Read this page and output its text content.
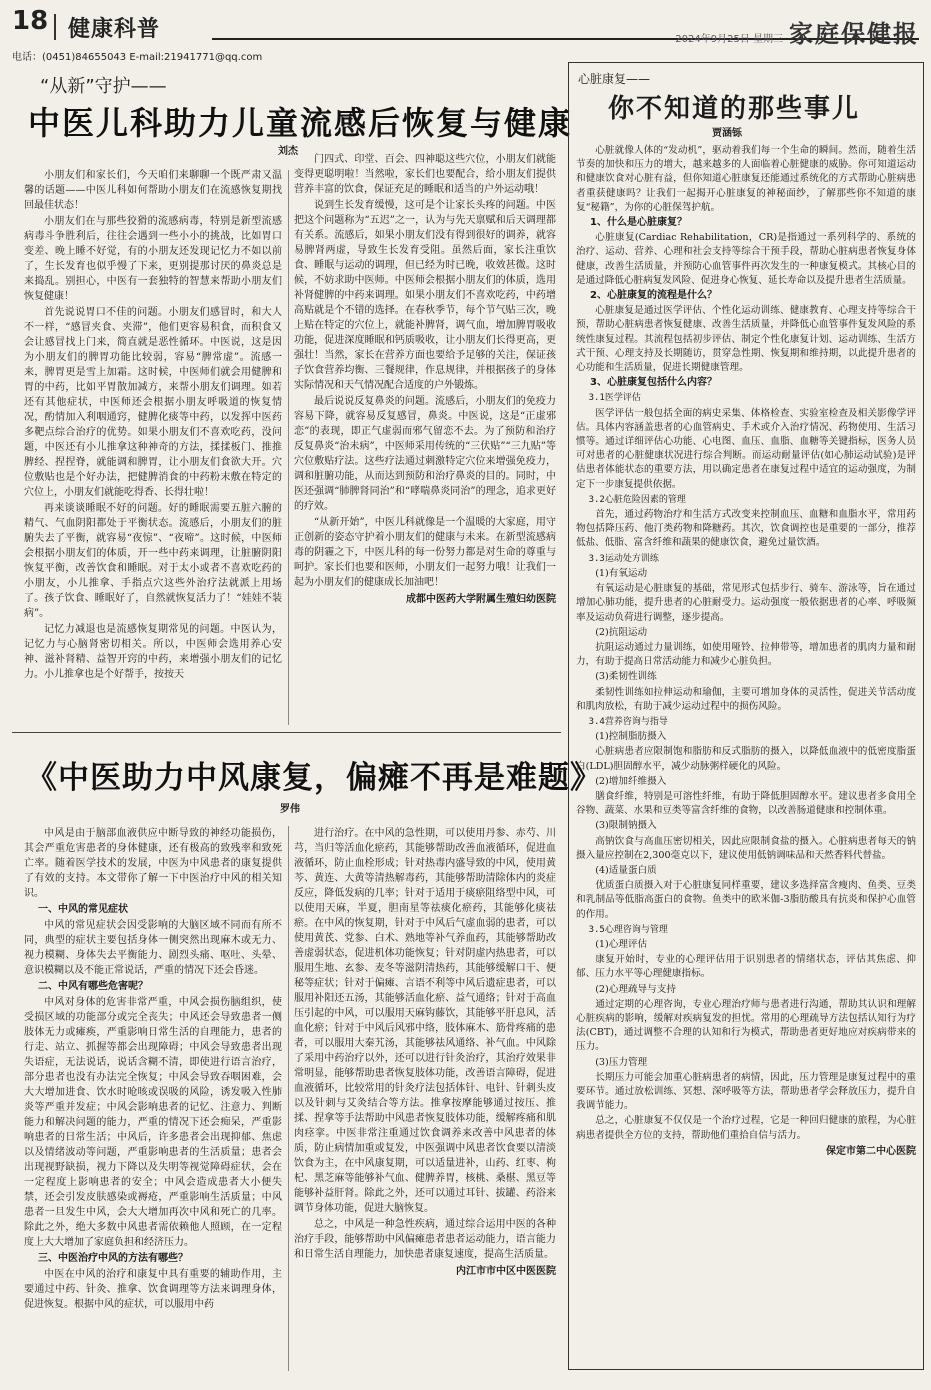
18 健康科普	2024年9月25日 星期三 家庭保健报
电话：(0451)84655043 E-mail:21941771@qq.com
“从新”守护——
中医儿科助力儿童流感后恢复与健康
刘杰

小朋友们和家长们，今天咱们来聊聊一个既严肃又温馨的话题——中医儿科如何帮助小朋友们在流感恢复期找回最佳状态！

小朋友们在与那些狡猾的流感病毒，特别是新型流感病毒斗争胜利后，往往会遇到一些小小的挑战，比如胃口变差、晚上睡不好觉，有的小朋友还发现记忆力不如以前了，生长发育也似乎慢了下来，更别提那讨厌的鼻炎总是来捣乱。别担心，中医有一套独特的智慧来帮助小朋友们恢复健康！

首先说说胃口不佳的问题。小朋友们感冒时，和大人不一样，“感冒夹食、夹滞”，他们更容易积食，而积食又会让感冒找上门来，简直就是恶性循环。中医说，这是因为小朋友们的脾胃功能比较弱，容易“脾常虚”。流感一来，脾胃更是雪上加霜。这时候，中医师们就会用健脾和胃的中药，比如平胃散加减方，来帮小朋友们调理。如若还有其他症状，中医师还会根据小朋友呼吸道的恢复情况，酌情加入利咽通窍，健脾化痰等中药，以发挥中医药多靶点综合治疗的优势。如果小朋友们不喜欢吃药，没问题，中医还有小儿推拿这种神奇的方法，揉揉板门、推推脾经、捏捏脊，就能调和脾胃，让小朋友们食欲大开。穴位敷贴也是个好办法，把健脾消食的中药粉末敷在特定的穴位上，小朋友们就能吃得香、长得壮啦！

再来谈谈睡眠不好的问题。好的睡眠需要五脏六腑的精气、气血阴阳都处于平衡状态。流感后，小朋友们的脏腑失去了平衡，就容易“夜惊”、“夜啼”。这时候，中医师会根据小朋友们的体质，开一些中药来调理，让脏腑阴阳恢复平衡，改善饮食和睡眠。对于太小或者不喜欢吃药的小朋友，小儿推拿、手指点穴这些外治疗法就派上用场了。孩子饮食、睡眠好了，自然就恢复活力了！“娃娃不装病”。

记忆力减退也是流感恢复期常见的问题。中医认为，记忆力与心脑肾密切相关。所以，中医师会选用养心安神、滋补肾精、益智开窍的中药，来增强小朋友们的记忆力。小儿推拿也是个好帮手，按按天

门四式、印堂、百会、四神聪这些穴位，小朋友们就能变得更聪明啦！当然啦，家长们也要配合，给小朋友们提供营养丰富的饮食，保证充足的睡眠和适当的户外运动哦！

说到生长发育缓慢，这可是个让家长头疼的问题。中医把这个问题称为“五迟”之一，认为与先天禀赋和后天调理都有关系。流感后，如果小朋友们没有得到很好的调养，就容易脾肾两虚，导致生长发育受阻。虽然后面，家长注重饮食、睡眠与运动的调理，但已经为时已晚，收效甚微。这时候，不妨求助中医师。中医师会根据小朋友们的体质，选用补肾健脾的中药来调理。如果小朋友们不喜欢吃药，中药增高贴就是个不错的选择。在春秋季节，每个节气贴三次，晚上贴在特定的穴位上，就能补脾肾，调气血，增加脾胃吸收功能，促进深度睡眠和钙质吸收，让小朋友们长得更高，更强壮！当然，家长在营养方面也要给予足够的关注，保证孩子饮食营养均衡、三餐规律，作息规律，并根据孩子的身体实际情况和天气情况配合适度的户外锻炼。

最后说说反复鼻炎的问题。流感后，小朋友们的免疫力容易下降，就容易反复感冒，鼻炎。中医说，这是“正虚邪恋”的表现，即正气虚弱而邪气留恋不去。为了预防和治疗反复鼻炎“治未病”，中医师采用传统的“三伏贴”“三九贴”等穴位敷贴疗法。这些疗法通过刺激特定穴位来增强免疫力，调和脏腑功能，从而达到预防和治疗鼻炎的目的。同时，中医还强调“肺脾肾同治”和“哮喘鼻炎同治”的理念，追求更好的疗效。

“从新开始”，中医儿科就像是一个温暖的大家庭，用守正创新的姿态守护着小朋友们的健康与未来。在新型流感病毒的阴霾之下，中医儿科的每一份努力都是对生命的尊重与呵护。家长们也要和医师，小朋友们一起努力哦！让我们一起为小朋友们的健康成长加油吧！

成都中医药大学附属生殖妇幼医院

《中医助力中风康复，偏瘫不再是难题》
罗伟

中风是由于脑部血液供应中断导致的神经功能损伤，其会严重危害患者的身体健康，还有极高的致残率和致死亡率。随着医学技术的发展，中医为中风患者的康复提供了有效的支持。本文带你了解一下中医治疗中风的相关知识。

一、中风的常见症状

中风的常见症状会因受影响的大脑区域不同而有所不同，典型的症状主要包括身体一侧突然出现麻木或无力、视力模糊、身体失去平衡能力、剧烈头痛、呕吐、头晕、意识模糊以及不能正常说话，严重的情况下还会昏迷。

二、中风有哪些危害呢？

中风对身体的危害非常严重，中风会损伤脑组织，使受损区域的功能部分或完全丧失；中风还会导致患者一侧肢体无力或瘫痪，严重影响日常生活的自理能力，患者的行走、站立、抓握等都会出现障碍；中风会导致患者出现失语症，无法说话，说话含糊不清，即使进行语言治疗，部分患者也没有办法完全恢复；中风会导致吞咽困难，会大大增加进食、饮水时呛咳或误吸的风险，诱发吸入性肺炎等严重并发症；中风会影响患者的记忆、注意力、判断能力和解决问题的能力，严重的情况下还会痴呆，严重影响患者的日常生活；中风后，许多患者会出现抑郁、焦虑以及情绪波动等问题，严重影响患者的生活质量；患者会出现视野缺损，视力下降以及失明等视觉障碍症状，会在一定程度上影响患者的安全；中风会造成患者大小便失禁，还会引发皮肤感染或褥疮，严重影响生活质量；中风患者一旦发生中风，会大大增加再次中风和死亡的几率。除此之外，绝大多数中风患者需依赖他人照顾，在一定程度上大大增加了家庭负担和经济压力。

三、中医治疗中风的方法有哪些？

中医在中风的治疗和康复中具有重要的辅助作用，主要通过中药、针灸、推拿、饮食调理等方法来调理身体，促进恢复。根据中风的症状，可以服用中药

进行治疗。在中风的急性期，可以使用丹参、赤芍、川芎，当归等活血化瘀药，其能够帮助改善血液循环，促进血液循环，防止血栓形成；针对热毒内盛导致的中风，使用黄芩、黄连、大黄等清热解毒药，其能够帮助清除体内的炎症反应，降低发病的几率；针对于适用于痰瘀阻络型中风，可以使用天麻，半夏，胆南星等祛痰化瘀药，其能够化痰祛瘀。在中风的恢复期，针对于中风后气虚血弱的患者，可以使用黄芪、党参、白术、熟地等补气养血药，其能够帮助改善虚弱状态，促进机体功能恢复；针对阴虚内热患者，可以服用生地、玄参、麦冬等滋阴清热药，其能够缓解口干、便秘等症状；针对于偏瘫、言语不利等中风后遗症患者，可以服用补阳还五汤，其能够活血化瘀、益气通络；针对于高血压引起的中风，可以服用天麻钩藤饮，其能够平肝息风，活血化瘀；针对于中风后风邪中络，肢体麻木、筋骨疼痛的患者，可以服用大秦艽汤，其能够祛风通络、补气血。中风除了采用中药治疗以外，还可以进行针灸治疗，其治疗效果非常明显，能够帮助患者恢复肢体功能，改善语言障碍，促进血液循环，比较常用的针灸疗法包括体针、电针、针刺头皮以及针刺与艾灸结合等方法。推拿按摩能够通过按压、推揉、捏拿等手法帮助中风患者恢复肢体功能，缓解疼痛和肌肉痉挛。中医非常注重通过饮食调养来改善中风患者的体质，防止病情加重或复发，中医强调中风患者饮食要以清淡饮食为主，在中风康复期，可以适量进补，山药、红枣、枸杞、黑芝麻等能够补气血、健脾养胃，核桃、桑椹、黑豆等能够补益肝肾。除此之外，还可以通过耳针、拔罐、药浴来调节身体功能，促进大脑恢复。

总之，中风是一种急性疾病，通过综合运用中医的各种治疗手段，能够帮助中风偏瘫患者患者运动能力，语言能力和日常生活自理能力，加快患者康复速度，提高生活质量。

内江市市中区中医医院

心脏康复——
你不知道的那些事儿
贾涵铄

心脏就像人体的“发动机”，驱动着我们每一个生命的瞬间。然而，随着生活节奏的加快和压力的增大，越来越多的人面临着心脏健康的威胁。你可知道运动和健康饮食对心脏有益，但你知道心脏康复还能通过系统化的方式帮助心脏病患者重获健康吗？让我们一起揭开心脏康复的神秘面纱，了解那些你不知道的康复“秘籍”，为你的心脏保驾护航。

1、什么是心脏康复？

心脏康复(Cardiac Rehabilitation，CR)是指通过一系列科学的、系统的治疗、运动、营养、心理和社会支持等综合干预手段，帮助心脏病患者恢复身体健康，改善生活质量，并预防心血管事件再次发生的一种康复模式。其核心目的是通过降低心脏病复发风险、促进身心恢复、延长寿命以及提升患者生活质量。

2、心脏康复的流程是什么？

心脏康复是通过医学评估、个性化运动训练、健康教育、心理支持等综合干预，帮助心脏病患者恢复健康、改善生活质量，并降低心血管事件复发风险的系统性康复过程。其流程包括初步评估、制定个性化康复计划、运动训练、生活方式干预、心理支持及长期随访，贯穿急性期、恢复期和维持期，以此提升患者的心功能和生活质量，促进长期健康管理。

3、心脏康复包括什么内容？

3.1医学评估

医学评估一般包括全面的病史采集、体格检查、实验室检查及相关影像学评估。具体内容涵盖患者的心血管病史、手术或介入治疗情况、药物使用、生活习惯等。通过详细评估心功能、心电图、血压、血脂、血糖等关键指标，医务人员可对患者的心脏健康状况进行综合判断。而运动耐量评估(如心肺运动试验)是评估患者体能状态的重要方法，用以确定患者在康复过程中适宜的运动强度，为制定下一步康复提供依据。

3.2心脏危险因素的管理

首先，通过药物治疗和生活方式改变来控制血压、血糖和血脂水平，常用药物包括降压药、他汀类药物和降糖药。其次，饮食调控也是重要的一部分，推荐低盐、低脂、富含纤维和蔬果的健康饮食，避免过量饮酒。

3.3运动处方训练

(1)有氧运动

有氧运动是心脏康复的基础，常见形式包括步行、骑车、游泳等，旨在通过增加心肺功能，提升患者的心脏耐受力。运动强度一般依据患者的心率、呼吸频率及运动负荷进行调整，逐步提高。

(2)抗阻运动

抗阻运动通过力量训练，如使用哑铃、拉伸带等，增加患者的肌肉力量和耐力，有助于提高日常活动能力和减少心脏负担。

(3)柔韧性训练

柔韧性训练如拉伸运动和瑜伽，主要可增加身体的灵活性，促进关节活动度和肌肉放松，有助于减少运动过程中的损伤风险。

3.4营养咨询与指导

(1)控制脂肪摄入

心脏病患者应限制饱和脂肪和反式脂肪的摄入，以降低血液中的低密度脂蛋白(LDL)胆固醇水平，减少动脉粥样硬化的风险。

(2)增加纤维摄入

膳食纤维，特别是可溶性纤维，有助于降低胆固醇水平。建议患者多食用全谷物、蔬菜、水果和豆类等富含纤维的食物，以改善肠道健康和控制体重。

(3)限制钠摄入

高钠饮食与高血压密切相关，因此应限制食盐的摄入。心脏病患者每天的钠摄入量应控制在2,300毫克以下，建议使用低钠调味品和天然香料代替盐。

(4)适量蛋白质

优质蛋白质摄入对于心脏康复同样重要，建议多选择富含瘦肉、鱼类、豆类和乳制品等低脂高蛋白的食物。鱼类中的欧米伽-3脂肪酸具有抗炎和保护心血管的作用。

3.5心理咨询与管理

(1)心理评估

康复开始时，专业的心理评估用于识别患者的情绪状态，评估其焦虑、抑郁、压力水平等心理健康指标。

(2)心理疏导与支持

通过定期的心理咨询，专业心理治疗师与患者进行沟通，帮助其认识和理解心脏疾病的影响，缓解对疾病复发的担忧。常用的心理疏导方法包括认知行为疗法(CBT)，通过调整不合理的认知和行为模式，帮助患者更好地应对疾病带来的压力。

(3)压力管理

长期压力可能会加重心脏病患者的病情，因此，压力管理是康复过程中的重要环节。通过放松训练、冥想、深呼吸等方法，帮助患者学会释放压力，提升自我调节能力。

总之，心脏康复不仅仅是一个治疗过程，它是一种回归健康的旅程，为心脏病患者提供全方位的支持，帮助他们重拾自信与活力。

保定市第二中心医院
